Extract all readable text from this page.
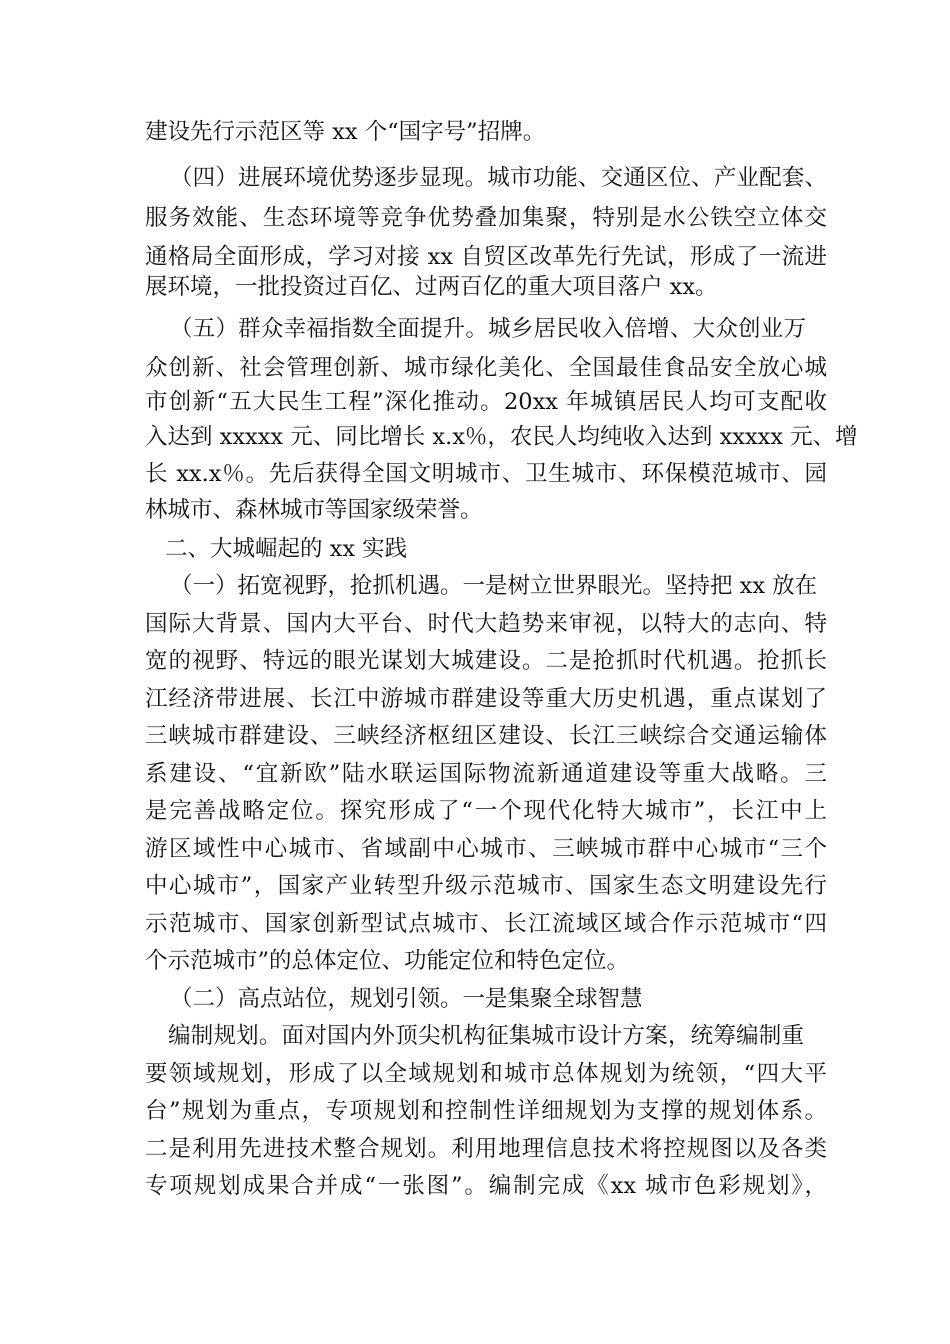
建设先行示范区等 xx 个“国字号”招牌。

（四）进展环境优势逐步显现。城市功能、交通区位、产业配套、

服务效能、生态环境等竞争优势叠加集聚，特别是水公铁空立体交

通格局全面形成，学习对接 xx 自贸区改革先行先试，形成了一流进

展环境，一批投资过百亿、过两百亿的重大项目落户 xx。

（五）群众幸福指数全面提升。城乡居民收入倍增、大众创业万

众创新、社会管理创新、城市绿化美化、全国最佳食品安全放心城

市创新“五大民生工程”深化推动。20xx 年城镇居民人均可支配收

入达到 xxxxx 元、同比增长 x.x％，农民人均纯收入达到 xxxxx 元、增

长 xx.x％。先后获得全国文明城市、卫生城市、环保模范城市、园

林城市、森林城市等国家级荣誉。

二、大城崛起的 xx 实践

（一）拓宽视野，抢抓机遇。一是树立世界眼光。坚持把 xx 放在

国际大背景、国内大平台、时代大趋势来审视，以特大的志向、特

宽的视野、特远的眼光谋划大城建设。二是抢抓时代机遇。抢抓长

江经济带进展、长江中游城市群建设等重大历史机遇，重点谋划了

三峡城市群建设、三峡经济枢纽区建设、长江三峡综合交通运输体

系建设、“宜新欧”陆水联运国际物流新通道建设等重大战略。三

是完善战略定位。探究形成了“一个现代化特大城市”，长江中上

游区域性中心城市、省域副中心城市、三峡城市群中心城市“三个

中心城市”，国家产业转型升级示范城市、国家生态文明建设先行

示范城市、国家创新型试点城市、长江流域区域合作示范城市“四

个示范城市”的总体定位、功能定位和特色定位。

（二）高点站位，规划引领。一是集聚全球智慧

编制规划。面对国内外顶尖机构征集城市设计方案，统筹编制重

要领域规划，形成了以全域规划和城市总体规划为统领，“四大平

台”规划为重点，专项规划和控制性详细规划为支撑的规划体系。

二是利用先进技术整合规划。利用地理信息技术将控规图以及各类

专项规划成果合并成“一张图”。编制完成《xx 城市色彩规划》，
